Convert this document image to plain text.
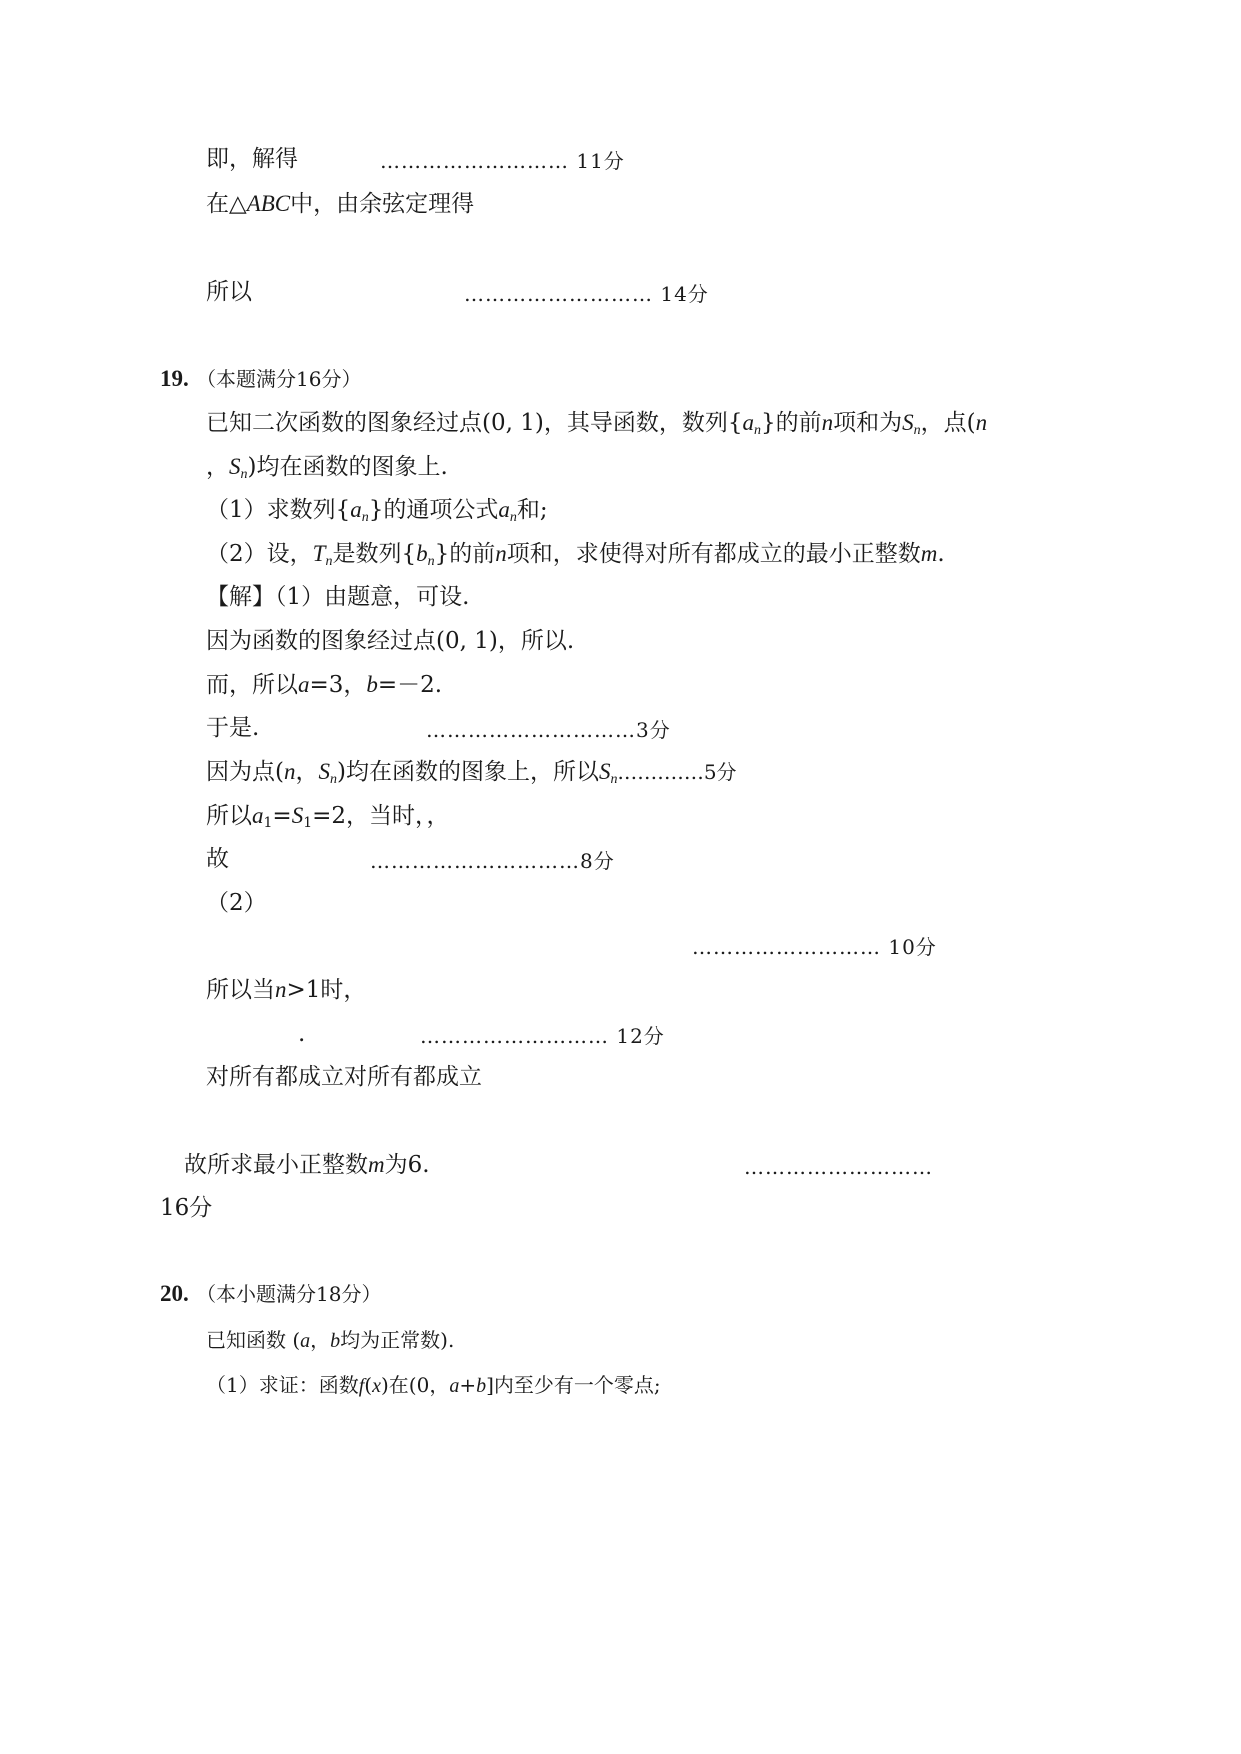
即，解得	……………………… 11分
在△ABC中，由余弦定理得
所以	……………………… 14分
19. （本题满分16分）
已知二次函数的图象经过点(0, 1)，其导函数，数列$\{a_n\}$的前n项和为$S_n$，点(n
，$S_n$)均在函数的图象上.
（1）求数列$\{a_n\}$的通项公式$a_n$和;
（2）设，$T_n$是数列$\{b_n\}$的前n项和，求使得对所有都成立的最小正整数m.
【解】（1）由题意，可设.
因为函数的图象经过点(0, 1)，所以.
而，所以a=3，b=－2.
于是.	…………………………3分
因为点(n，$S_n$)均在函数的图象上，所以$S_n.\dots\dots\dots\dots 5$分
所以$a_1=S_1=2$，当时，，
故	…………………………8分
（2）
……………………… 10分
所以当n>1时，
.	……………………… 12分
对所有都成立对所有都成立
故所求最小正整数m为6.	………………………
16分
20. （本小题满分18分）
已知函数 (a，b均为正常数).
（1）求证：函数f(x)在(0，a+b]内至少有一个零点;
